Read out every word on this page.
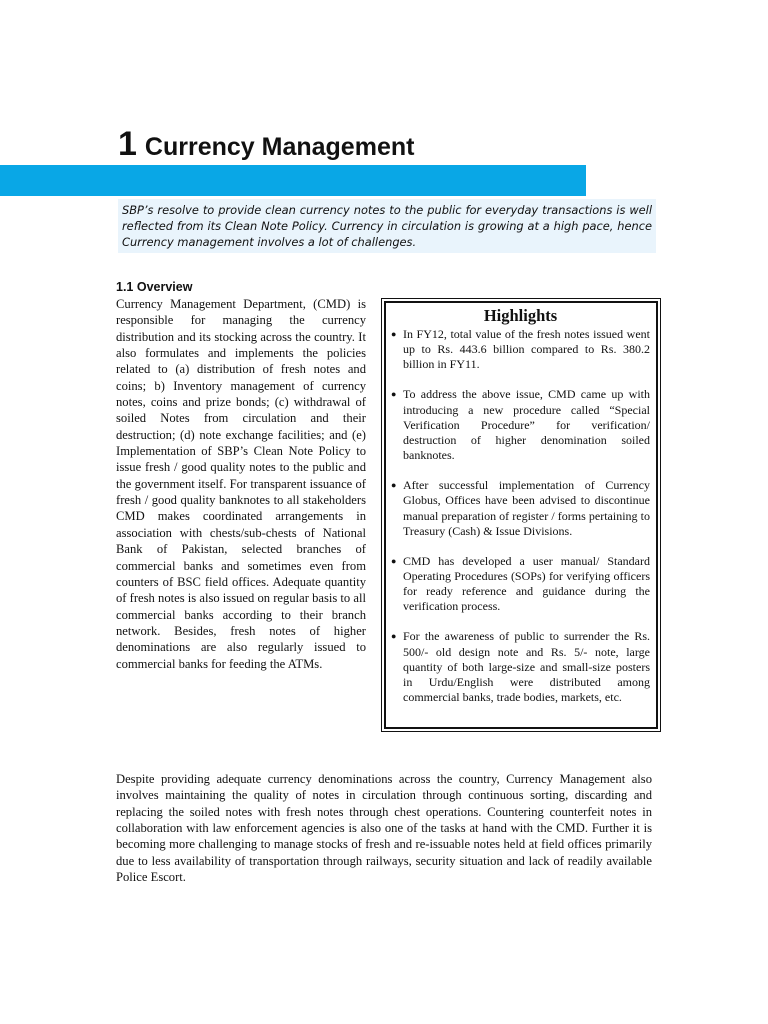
1 Currency Management

SBP’s resolve to provide clean currency notes to the public for everyday transactions is well reflected from its Clean Note Policy. Currency in circulation is growing at a high pace, hence Currency management involves a lot of challenges.

1.1 Overview

Currency Management Department, (CMD) is responsible for managing the currency distribution and its stocking across the country. It also formulates and implements the policies related to (a) distribution of fresh notes and coins; b) Inventory management of currency notes, coins and prize bonds; (c) withdrawal of soiled Notes from circulation and their destruction; (d) note exchange facilities; and (e) Implementation of SBP’s Clean Note Policy to issue fresh / good quality notes to the public and the government itself. For transparent issuance of fresh / good quality banknotes to all stakeholders CMD makes coordinated arrangements in association with chests/sub-chests of National Bank of Pakistan, selected branches of commercial banks and sometimes even from counters of BSC field offices. Adequate quantity of fresh notes is also issued on regular basis to all commercial banks according to their branch network. Besides, fresh notes of higher denominations are also regularly issued to commercial banks for feeding the ATMs.

Highlights
● In FY12, total value of the fresh notes issued went up to Rs. 443.6 billion compared to Rs. 380.2 billion in FY11.
● To address the above issue, CMD came up with introducing a new procedure called “Special Verification Procedure” for verification/ destruction of higher denomination soiled banknotes.
● After successful implementation of Currency Globus, Offices have been advised to discontinue manual preparation of register / forms pertaining to Treasury (Cash) & Issue Divisions.
● CMD has developed a user manual/ Standard Operating Procedures (SOPs) for verifying officers for ready reference and guidance during the verification process.
● For the awareness of public to surrender the Rs. 500/- old design note and Rs. 5/- note, large quantity of both large-size and small-size posters in Urdu/English were distributed among commercial banks, trade bodies, markets, etc.

Despite providing adequate currency denominations across the country, Currency Management also involves maintaining the quality of notes in circulation through continuous sorting, discarding and replacing the soiled notes with fresh notes through chest operations. Countering counterfeit notes in collaboration with law enforcement agencies is also one of the tasks at hand with the CMD. Further it is becoming more challenging to manage stocks of fresh and re-issuable notes held at field offices primarily due to less availability of transportation through railways, security situation and lack of readily available Police Escort.
